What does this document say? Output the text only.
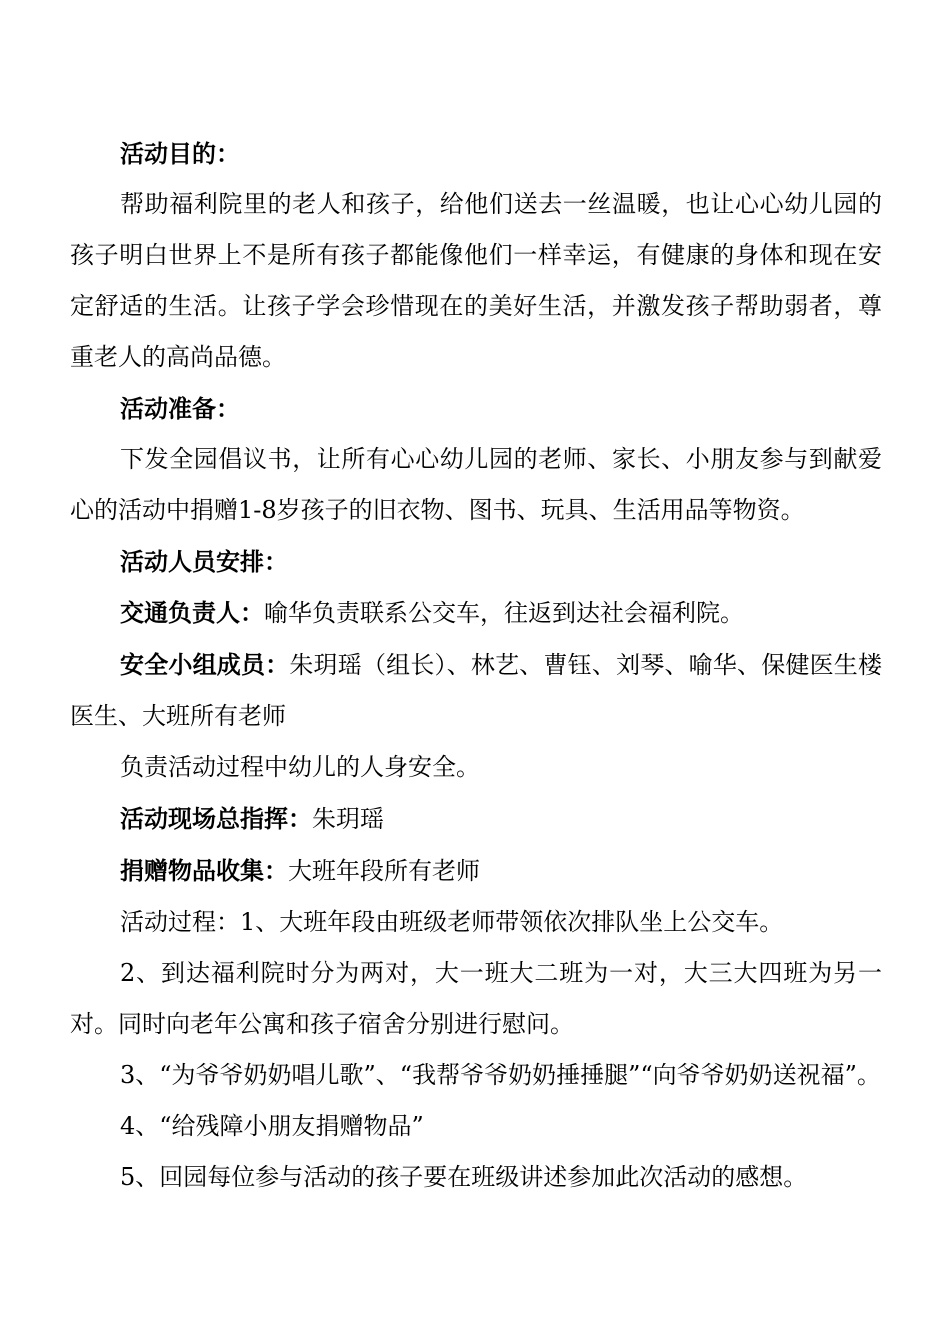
活动目的：

帮助福利院里的老人和孩子，给他们送去一丝温暖，也让心心幼儿园的孩子明白世界上不是所有孩子都能像他们一样幸运，有健康的身体和现在安定舒适的生活。让孩子学会珍惜现在的美好生活，并激发孩子帮助弱者，尊重老人的高尚品德。

活动准备：

下发全园倡议书，让所有心心幼儿园的老师、家长、小朋友参与到献爱心的活动中捐赠1-8岁孩子的旧衣物、图书、玩具、生活用品等物资。

活动人员安排：

交通负责人：喻华负责联系公交车，往返到达社会福利院。

安全小组成员：朱玥瑶（组长）、林艺、曹钰、刘琴、喻华、保健医生楼医生、大班所有老师

负责活动过程中幼儿的人身安全。

活动现场总指挥：朱玥瑶

捐赠物品收集：大班年段所有老师

活动过程：1、大班年段由班级老师带领依次排队坐上公交车。

2、到达福利院时分为两对，大一班大二班为一对，大三大四班为另一对。同时向老年公寓和孩子宿舍分别进行慰问。

3、“为爷爷奶奶唱儿歌”、“我帮爷爷奶奶捶捶腿”“向爷爷奶奶送祝福”。

4、“给残障小朋友捐赠物品”

5、回园每位参与活动的孩子要在班级讲述参加此次活动的感想。
